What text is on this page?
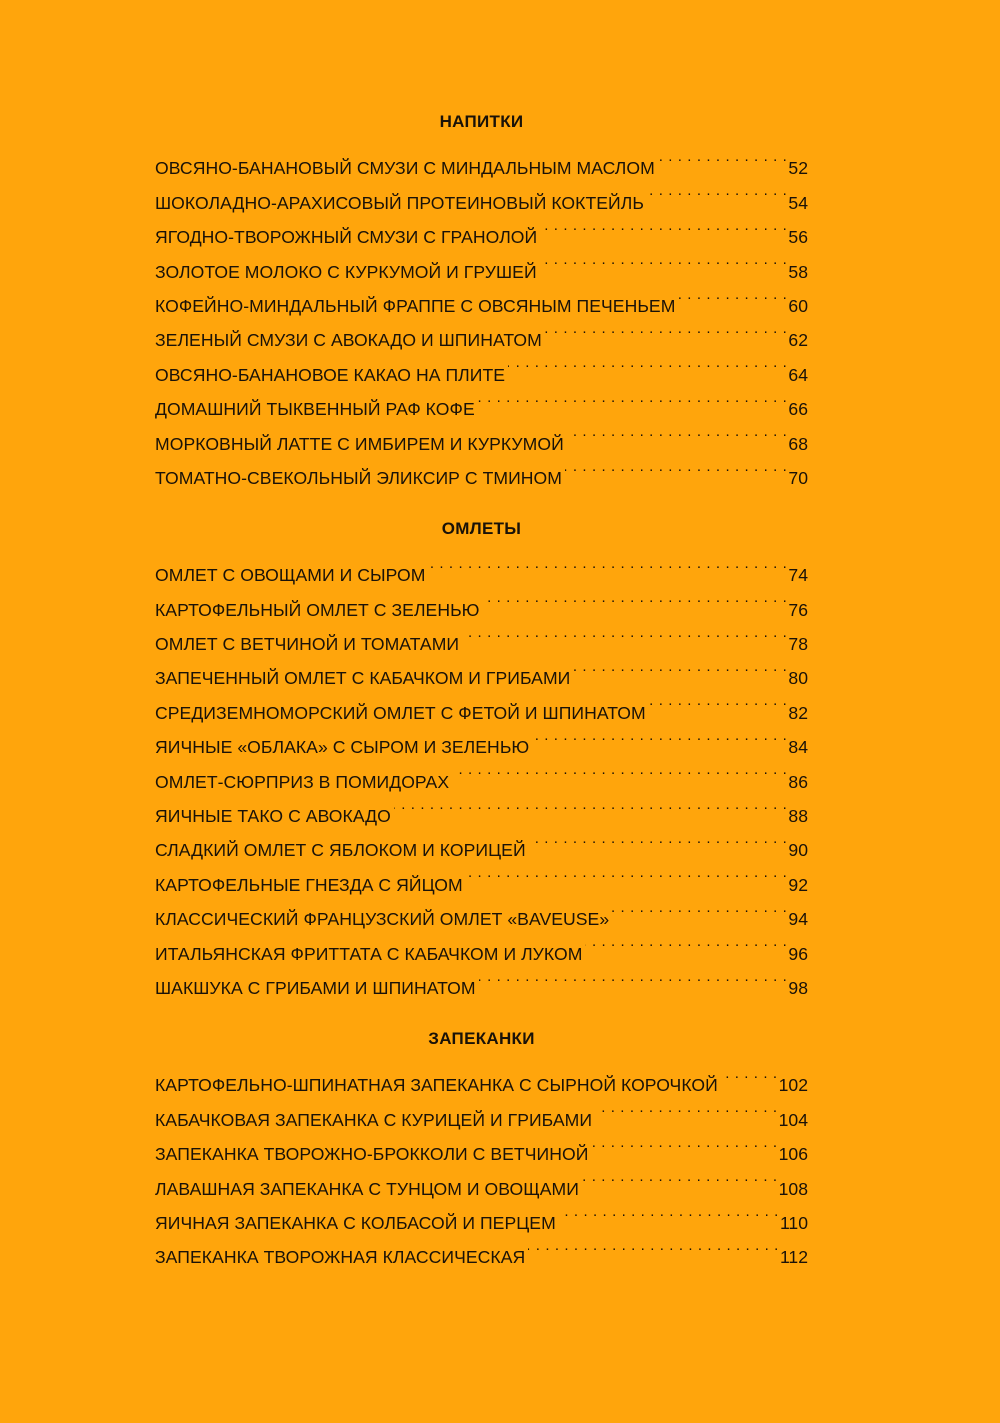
НАПИТКИ
ОВСЯНО-БАНАНОВЫЙ СМУЗИ С МИНДАЛЬНЫМ МАСЛОМ . . .	52
ШОКОЛАДНО-АРАХИСОВЫЙ ПРОТЕИНОВЫЙ КОКТЕЙЛЬ . . .	54
ЯГОДНО-ТВОРОЖНЫЙ СМУЗИ С ГРАНОЛОЙ . . .	56
ЗОЛОТОЕ МОЛОКО С КУРКУМОЙ И ГРУШЕЙ . . .	58
КОФЕЙНО-МИНДАЛЬНЫЙ ФРАППЕ С ОВСЯНЫМ ПЕЧЕНЬЕМ . . .	60
ЗЕЛЕНЫЙ СМУЗИ С АВОКАДО И ШПИНАТОМ . . .	62
ОВСЯНО-БАНАНОВОЕ КАКАО НА ПЛИТЕ . . .	64
ДОМАШНИЙ ТЫКВЕННЫЙ РАФ КОФЕ . . .	66
МОРКОВНЫЙ ЛАТТЕ С ИМБИРЕМ И КУРКУМОЙ . . .	68
ТОМАТНО-СВЕКОЛЬНЫЙ ЭЛИКСИР С ТМИНОМ . . .	70
ОМЛЕТЫ
ОМЛЕТ С ОВОЩАМИ И СЫРОМ . . .	74
КАРТОФЕЛЬНЫЙ ОМЛЕТ С ЗЕЛЕНЬЮ . . .	76
ОМЛЕТ С ВЕТЧИНОЙ И ТОМАТАМИ . . .	78
ЗАПЕЧЕННЫЙ ОМЛЕТ С КАБАЧКОМ И ГРИБАМИ . . .	80
СРЕДИЗЕМНОМОРСКИЙ ОМЛЕТ С ФЕТОЙ И ШПИНАТОМ . . .	82
ЯИЧНЫЕ «ОБЛАКА» С СЫРОМ И ЗЕЛЕНЬЮ . . .	84
ОМЛЕТ-СЮРПРИЗ В ПОМИДОРАХ . . .	86
ЯИЧНЫЕ ТАКО С АВОКАДО . . .	88
СЛАДКИЙ ОМЛЕТ С ЯБЛОКОМ И КОРИЦЕЙ . . .	90
КАРТОФЕЛЬНЫЕ ГНЕЗДА С ЯЙЦОМ . . .	92
КЛАССИЧЕСКИЙ ФРАНЦУЗСКИЙ ОМЛЕТ «BAVEUSE» . . .	94
ИТАЛЬЯНСКАЯ ФРИТТАТА С КАБАЧКОМ И ЛУКОМ . . .	96
ШАКШУКА С ГРИБАМИ И ШПИНАТОМ . . .	98
ЗАПЕКАНКИ
КАРТОФЕЛЬНО-ШПИНАТНАЯ ЗАПЕКАНКА С СЫРНОЙ КОРОЧКОЙ . . .	102
КАБАЧКОВАЯ ЗАПЕКАНКА С КУРИЦЕЙ И ГРИБАМИ . . .	104
ЗАПЕКАНКА ТВОРОЖНО-БРОККОЛИ С ВЕТЧИНОЙ . . .	106
ЛАВАШНАЯ ЗАПЕКАНКА С ТУНЦОМ И ОВОЩАМИ . . .	108
ЯИЧНАЯ ЗАПЕКАНКА С КОЛБАСОЙ И ПЕРЦЕМ . . .	110
ЗАПЕКАНКА ТВОРОЖНАЯ КЛАССИЧЕСКАЯ . . .	112
